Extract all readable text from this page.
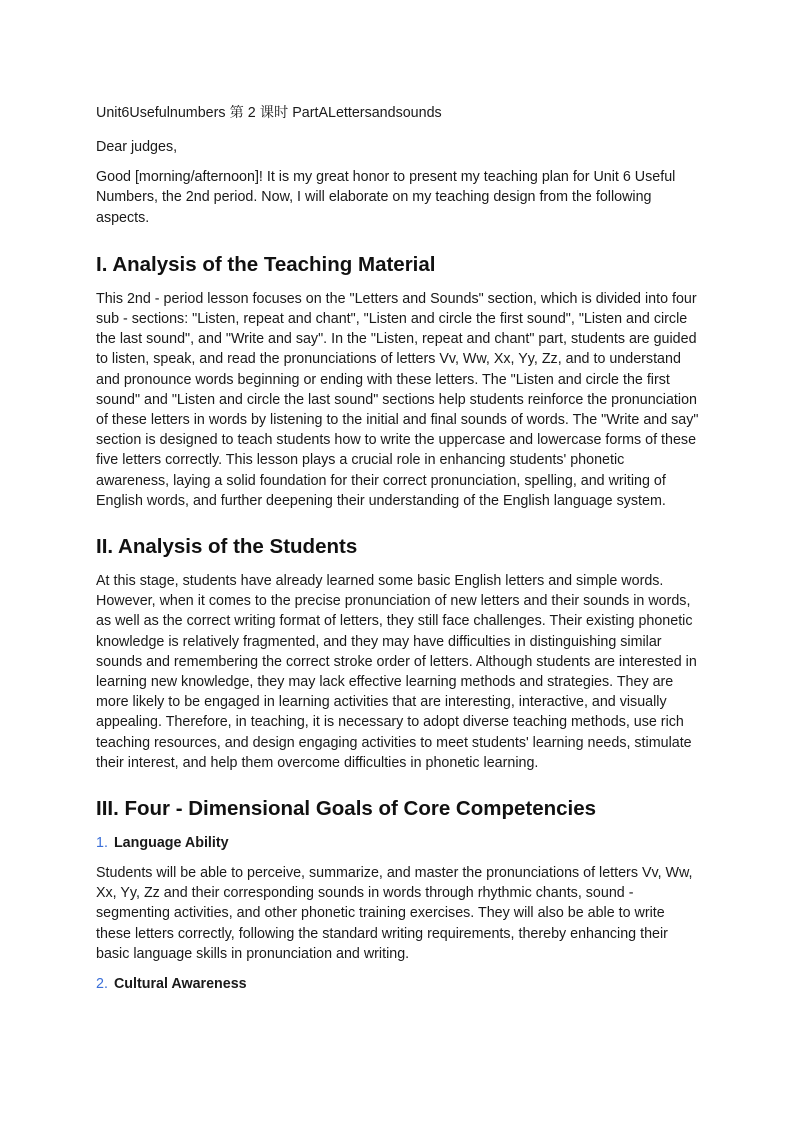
Unit6Usefulnumbers 第 2 课时 PartALettersandsounds

Dear judges,

Good [morning/afternoon]! It is my great honor to present my teaching plan for Unit 6 Useful Numbers, the 2nd period. Now, I will elaborate on my teaching design from the following aspects.

I. Analysis of the Teaching Material

This 2nd - period lesson focuses on the "Letters and Sounds" section, which is divided into four sub - sections: "Listen, repeat and chant", "Listen and circle the first sound", "Listen and circle the last sound", and "Write and say". In the "Listen, repeat and chant" part, students are guided to listen, speak, and read the pronunciations of letters Vv, Ww, Xx, Yy, Zz, and to understand and pronounce words beginning or ending with these letters. The "Listen and circle the first sound" and "Listen and circle the last sound" sections help students reinforce the pronunciation of these letters in words by listening to the initial and final sounds of words. The "Write and say" section is designed to teach students how to write the uppercase and lowercase forms of these five letters correctly. This lesson plays a crucial role in enhancing students' phonetic awareness, laying a solid foundation for their correct pronunciation, spelling, and writing of English words, and further deepening their understanding of the English language system.

II. Analysis of the Students

At this stage, students have already learned some basic English letters and simple words. However, when it comes to the precise pronunciation of new letters and their sounds in words, as well as the correct writing format of letters, they still face challenges. Their existing phonetic knowledge is relatively fragmented, and they may have difficulties in distinguishing similar sounds and remembering the correct stroke order of letters. Although students are interested in learning new knowledge, they may lack effective learning methods and strategies. They are more likely to be engaged in learning activities that are interesting, interactive, and visually appealing. Therefore, in teaching, it is necessary to adopt diverse teaching methods, use rich teaching resources, and design engaging activities to meet students' learning needs, stimulate their interest, and help them overcome difficulties in phonetic learning.

III. Four - Dimensional Goals of Core Competencies
1. Language Ability

Students will be able to perceive, summarize, and master the pronunciations of letters Vv, Ww, Xx, Yy, Zz and their corresponding sounds in words through rhythmic chants, sound - segmenting activities, and other phonetic training exercises. They will also be able to write these letters correctly, following the standard writing requirements, thereby enhancing their basic language skills in pronunciation and writing.

2. Cultural Awareness
